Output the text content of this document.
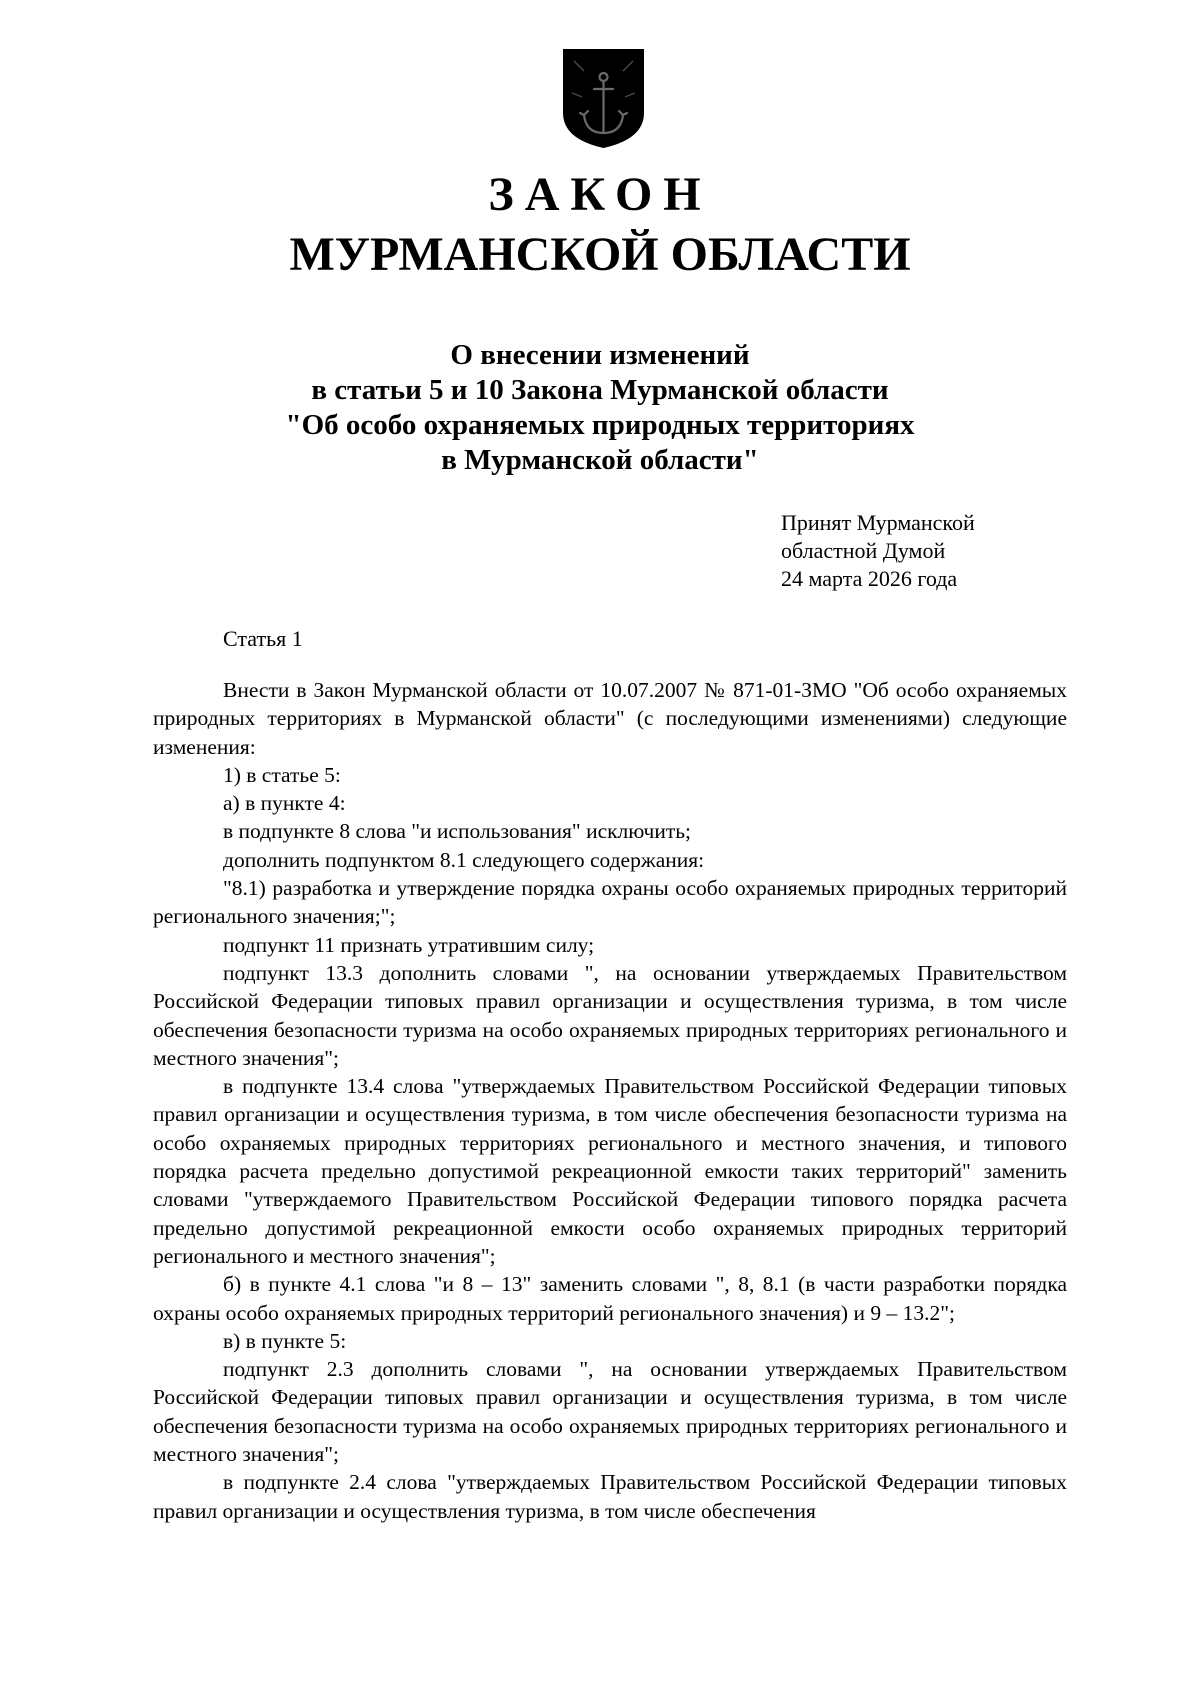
ЗАКОН
МУРМАНСКОЙ ОБЛАСТИ
О внесении изменений
в статьи 5 и 10 Закона Мурманской области
"Об особо охраняемых природных территориях
в Мурманской области"
Принят Мурманской
областной Думой
24 марта 2026 года
Статья 1

Внести в Закон Мурманской области от 10.07.2007 № 871-01-ЗМО "Об особо охраняемых природных территориях в Мурманской области" (с последующими изменениями) следующие изменения:

1) в статье 5:

а) в пункте 4:

в подпункте 8 слова "и использования" исключить;

дополнить подпунктом 8.1 следующего содержания:

"8.1) разработка и утверждение порядка охраны особо охраняемых природных территорий регионального значения;";

подпункт 11 признать утратившим силу;

подпункт 13.3 дополнить словами ", на основании утверждаемых Правительством Российской Федерации типовых правил организации и осуществления туризма, в том числе обеспечения безопасности туризма на особо охраняемых природных территориях регионального и местного значения";

в подпункте 13.4 слова "утверждаемых Правительством Российской Федерации типовых правил организации и осуществления туризма, в том числе обеспечения безопасности туризма на особо охраняемых природных территориях регионального и местного значения, и типового порядка расчета предельно допустимой рекреационной емкости таких территорий" заменить словами "утверждаемого Правительством Российской Федерации типового порядка расчета предельно допустимой рекреационной емкости особо охраняемых природных территорий регионального и местного значения";

б) в пункте 4.1 слова "и 8 – 13" заменить словами ", 8, 8.1 (в части разработки порядка охраны особо охраняемых природных территорий регионального значения) и 9 – 13.2";

в) в пункте 5:

подпункт 2.3 дополнить словами ", на основании утверждаемых Правительством Российской Федерации типовых правил организации и осуществления туризма, в том числе обеспечения безопасности туризма на особо охраняемых природных территориях регионального и местного значения";

в подпункте 2.4 слова "утверждаемых Правительством Российской Федерации типовых правил организации и осуществления туризма, в том числе обеспечения
